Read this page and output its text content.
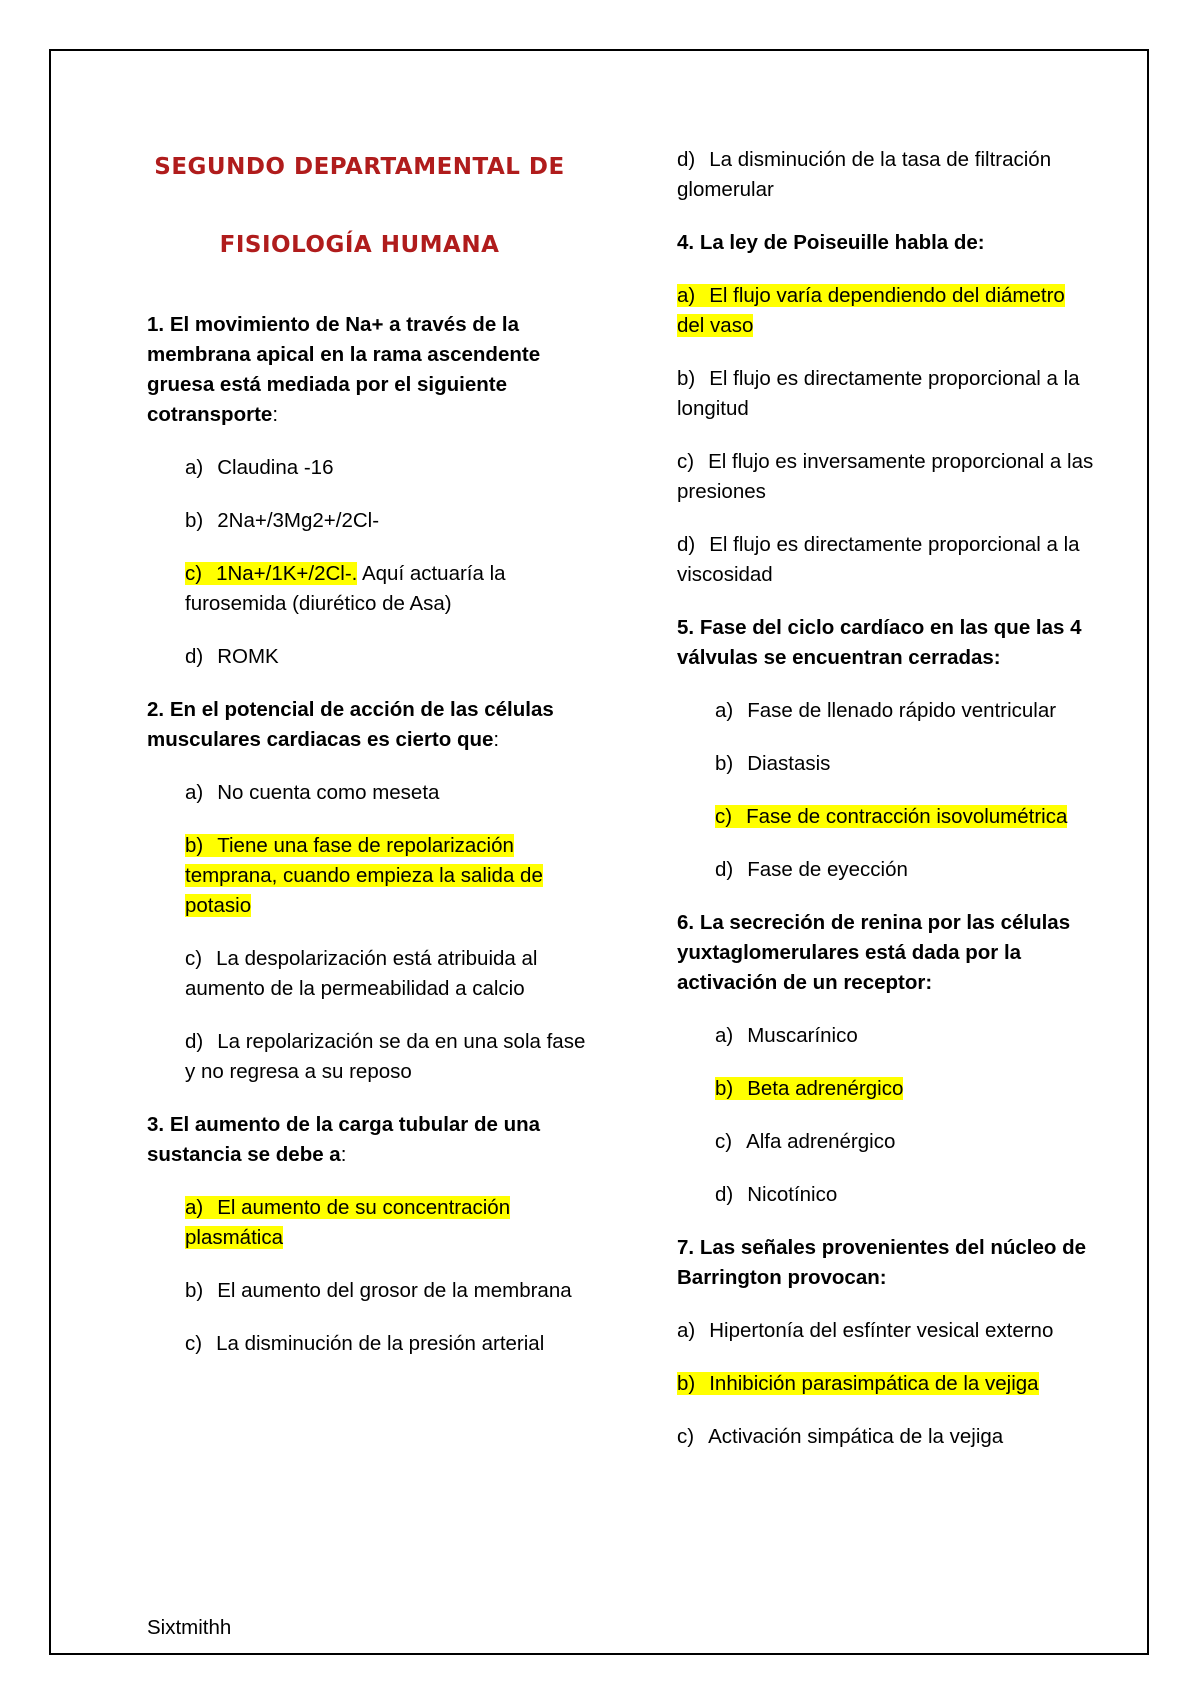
SEGUNDO DEPARTAMENTAL DE
FISIOLOGÍA HUMANA
1. El movimiento de Na+ a través de la membrana apical en la rama ascendente gruesa está mediada por el siguiente cotransporte:
a) Claudina -16
b) 2Na+/3Mg2+/2Cl-
c) 1Na+/1K+/2Cl-. Aquí actuaría la furosemida (diurético de Asa)
d) ROMK
2. En el potencial de acción de las células musculares cardiacas es cierto que:
a) No cuenta como meseta
b) Tiene una fase de repolarización temprana, cuando empieza la salida de potasio
c) La despolarización está atribuida al aumento de la permeabilidad a calcio
d) La repolarización se da en una sola fase y no regresa a su reposo
3. El aumento de la carga tubular de una sustancia se debe a:
a) El aumento de su concentración plasmática
b) El aumento del grosor de la membrana
c) La disminución de la presión arterial
d) La disminución de la tasa de filtración glomerular
4. La ley de Poiseuille habla de:
a) El flujo varía dependiendo del diámetro del vaso
b) El flujo es directamente proporcional a la longitud
c) El flujo es inversamente proporcional a las presiones
d) El flujo es directamente proporcional a la viscosidad
5. Fase del ciclo cardíaco en las que las 4 válvulas se encuentran cerradas:
a) Fase de llenado rápido ventricular
b) Diastasis
c) Fase de contracción isovolumétrica
d) Fase de eyección
6. La secreción de renina por las células yuxtaglomerulares está dada por la activación de un receptor:
a) Muscarínico
b) Beta adrenérgico
c) Alfa adrenérgico
d) Nicotínico
7. Las señales provenientes del núcleo de Barrington provocan:
a) Hipertonía del esfínter vesical externo
b) Inhibición parasimpática de la vejiga
c) Activación simpática de la vejiga
Sixtmithh
